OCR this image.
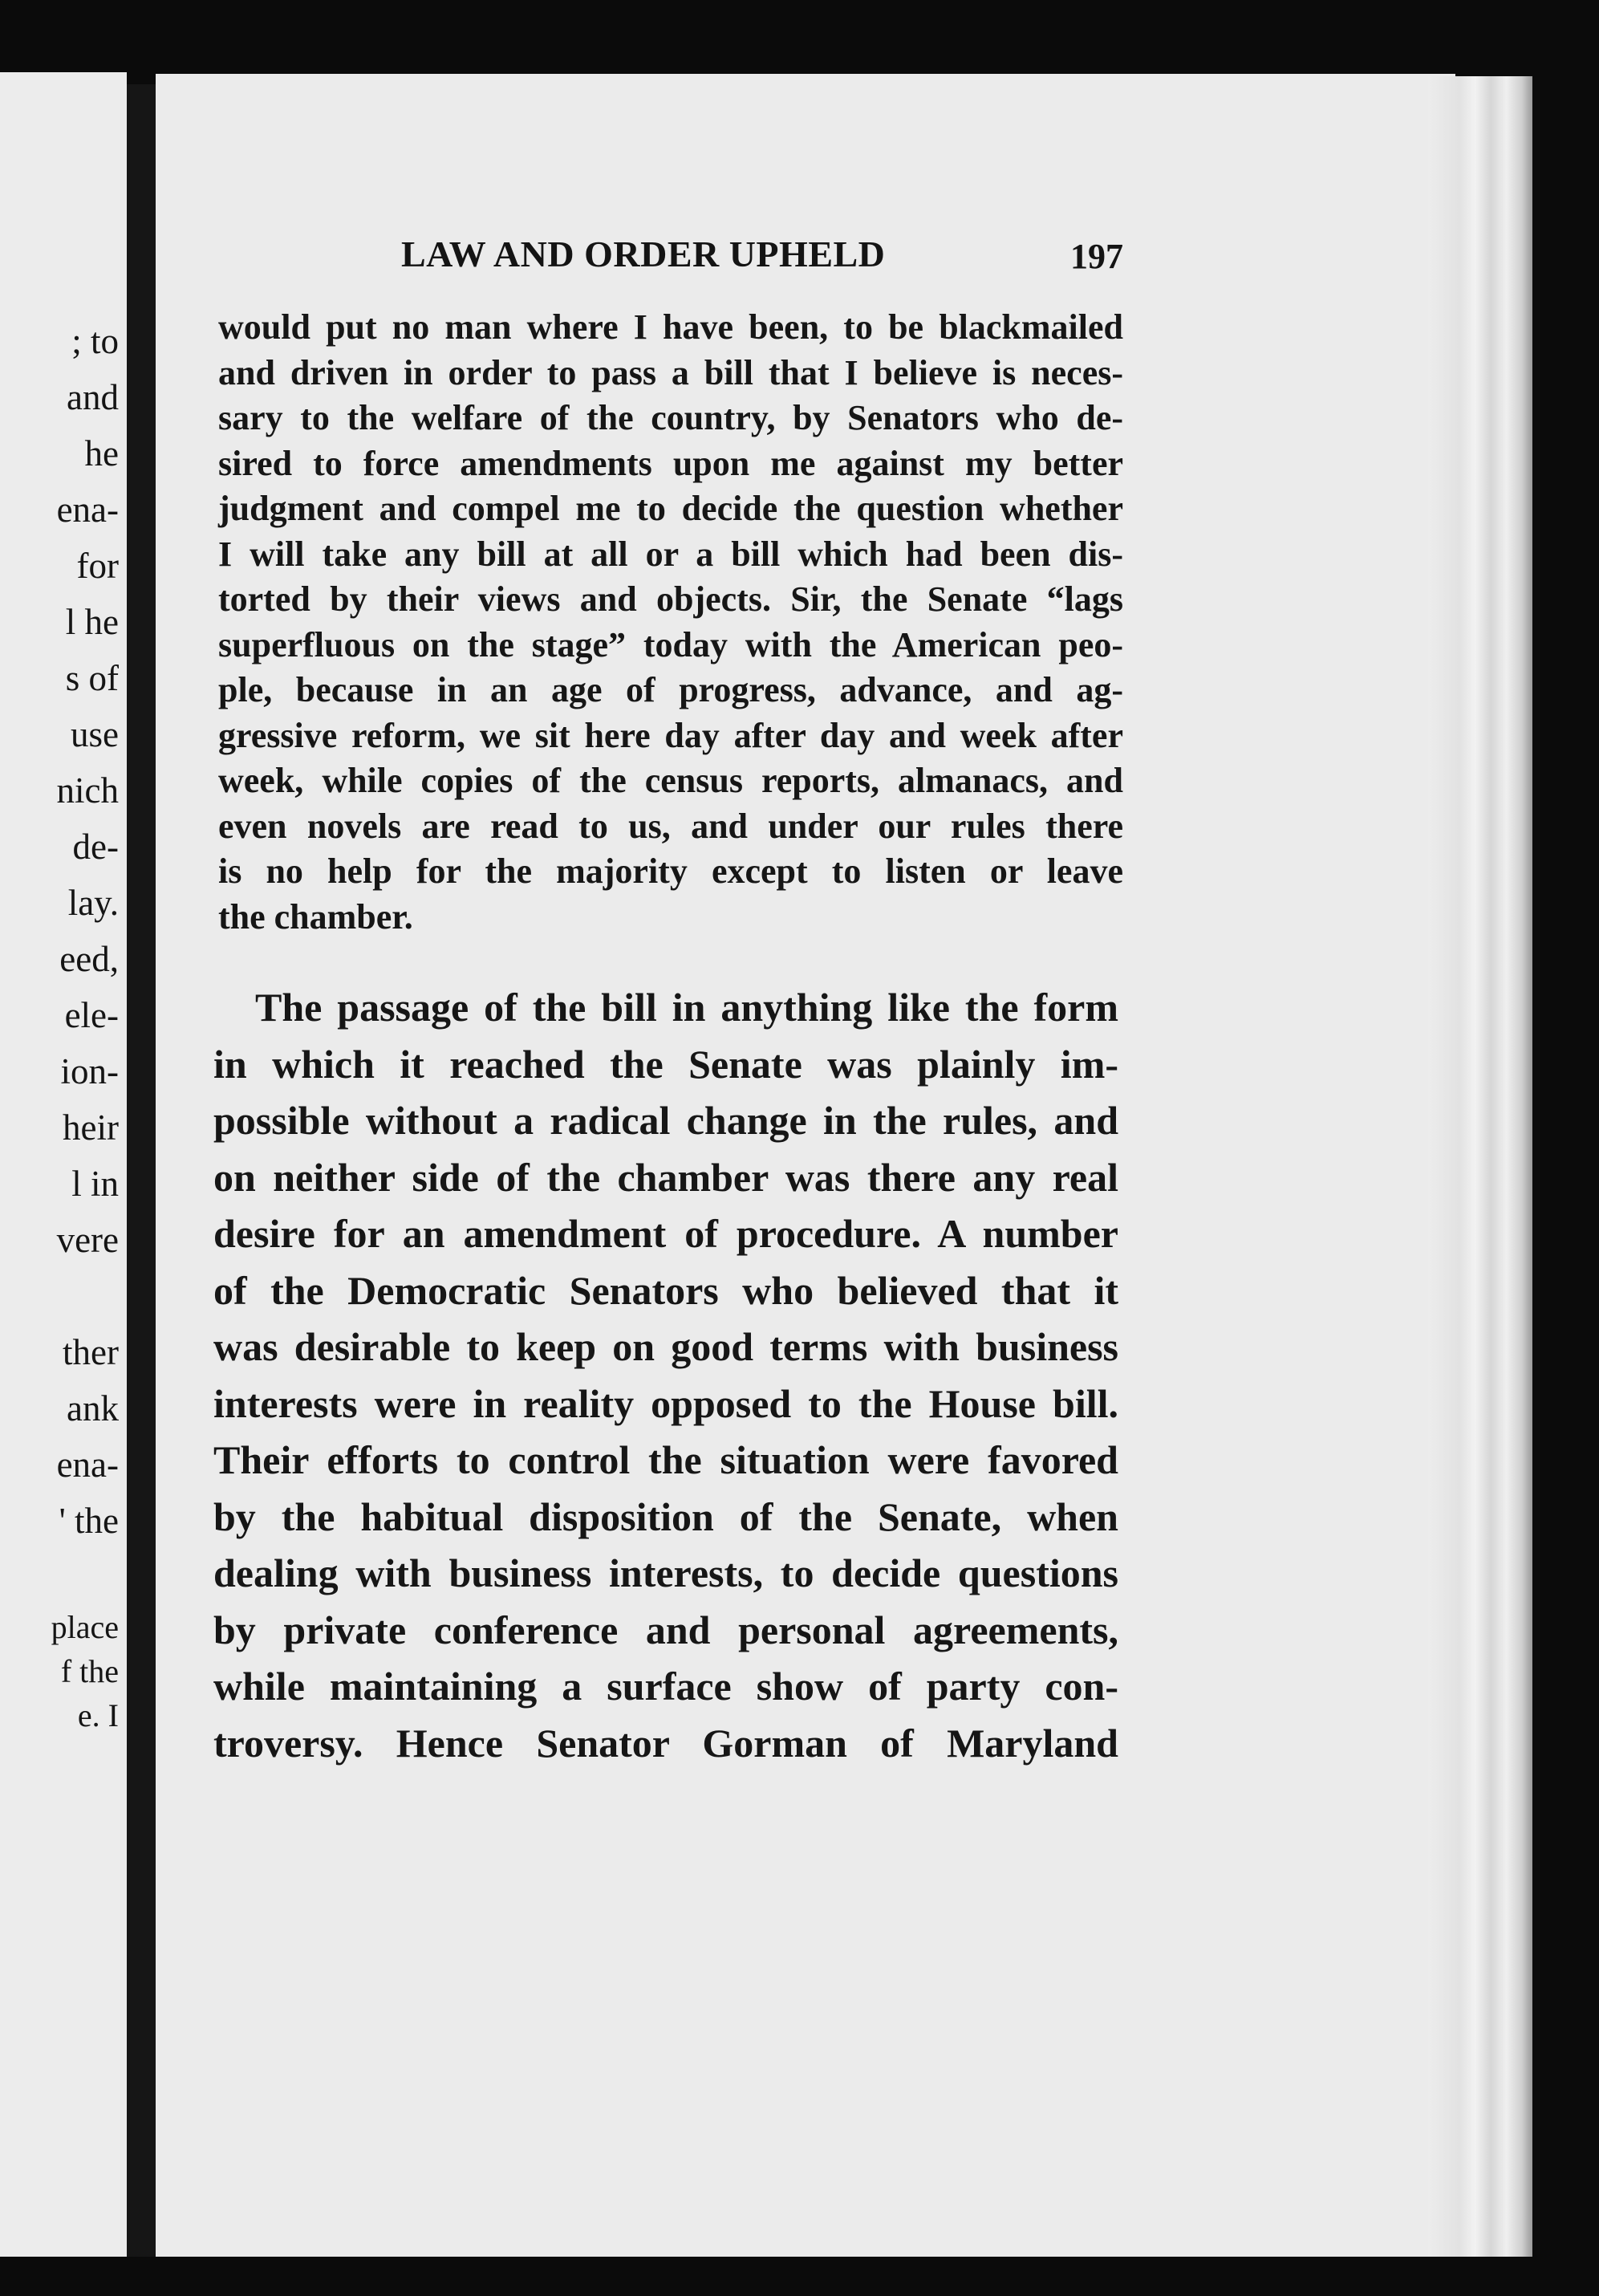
; to
and
he
ena-
for
l he
s of
use
nich
de-
lay.
eed,
ele-
ion-
heir
l in
vere
ther
ank
ena-
' the
place
f the
e. I
LAW AND ORDER UPHELD	197
would put no man where I have been, to be blackmailed
and driven in order to pass a bill that I believe is neces-
sary to the welfare of the country, by Senators who de-
sired to force amendments upon me against my better
judgment and compel me to decide the question whether
I will take any bill at all or a bill which had been dis-
torted by their views and objects. Sir, the Senate “lags
superfluous on the stage” today with the American peo-
ple, because in an age of progress, advance, and ag-
gressive reform, we sit here day after day and week after
week, while copies of the census reports, almanacs, and
even novels are read to us, and under our rules there
is no help for the majority except to listen or leave
the chamber.
The passage of the bill in anything like the form
in which it reached the Senate was plainly im-
possible without a radical change in the rules, and
on neither side of the chamber was there any real
desire for an amendment of procedure. A number
of the Democratic Senators who believed that it
was desirable to keep on good terms with business
interests were in reality opposed to the House bill.
Their efforts to control the situation were favored
by the habitual disposition of the Senate, when
dealing with business interests, to decide questions
by private conference and personal agreements,
while maintaining a surface show of party con-
troversy. Hence Senator Gorman of Maryland
